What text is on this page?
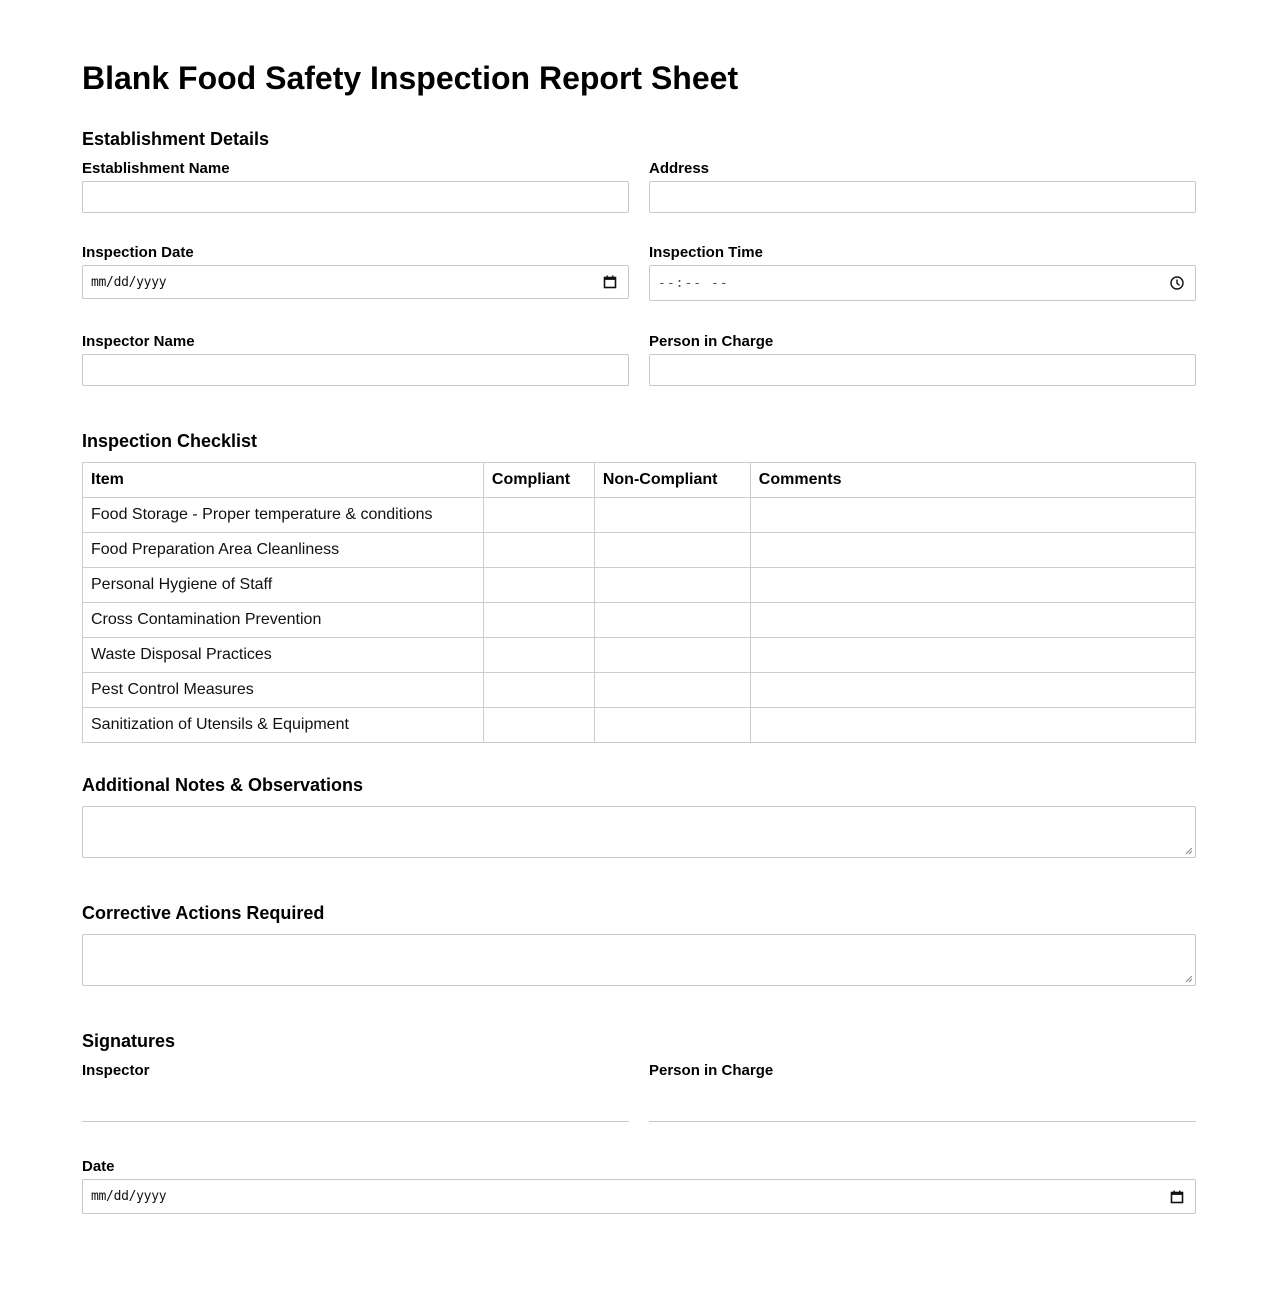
Blank Food Safety Inspection Report Sheet
Establishment Details
Establishment Name	Address
Inspection Date
mm/dd/yyyy
Inspection Time
--:-- --
Inspector Name	Person in Charge
Inspection Checklist
Item	Compliant	Non-Compliant	Comments
Food Storage - Proper temperature & conditions			
Food Preparation Area Cleanliness			
Personal Hygiene of Staff			
Cross Contamination Prevention			
Waste Disposal Practices			
Pest Control Measures			
Sanitization of Utensils & Equipment			
Additional Notes & Observations
Corrective Actions Required
Signatures
Inspector	Person in Charge
Date
mm/dd/yyyy
